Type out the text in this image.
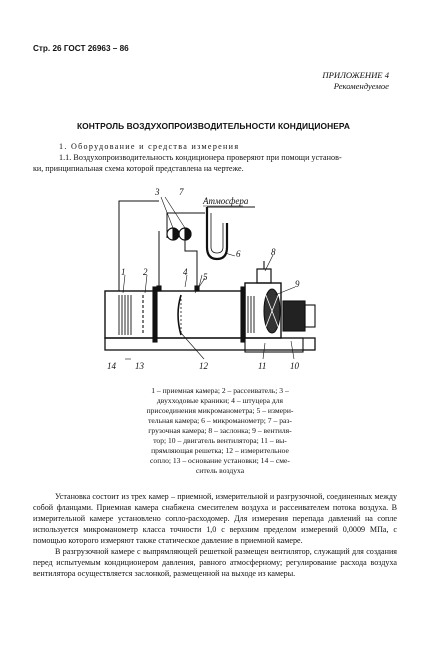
Стр. 26 ГОСТ 26963 – 86
ПРИЛОЖЕНИЕ 4
Рекомендуемое
КОНТРОЛЬ ВОЗДУХОПРОИЗВОДИТЕЛЬНОСТИ КОНДИЦИОНЕРА
1. Оборудование и средства измерения
1.1. Воздухопроизводительность кондиционера проверяют при помощи установ-
ки, принципиальная схема которой представлена на чертеже.
Атмосфера
3
1 2	4 5
6
7
8
9
10
11
12
13
14
1 – приемная камера; 2 – рассеиватель; 3 –
двухходовые краники; 4 – штуцера для
присоединения микроманометра; 5 – измери-
тельная камера; 6 – микроманометр; 7 – раз-
грузочная камера; 8 – заслонка; 9 – вентиля-
тор; 10 – двигатель вентилятора; 11 – вы-
прямляющая решетка; 12 – измерительное
сопло; 13 – основание установки; 14 – сме-
ситель воздуха

Установка состоит из трех камер – приемной, измерительной и разгрузочной, соединенных между собой фланцами. Приемная камера снабжена смесителем воздуха и рассеивателем потока воздуха. В измерительной камере установлено сопло-расходомер. Для измерения перепада давлений на сопле используется микроманометр класса точности 1,0 с верхним пределом измерений 0,0009 МПа, с помощью которого измеряют также статическое давление в приемной камере.

В разгрузочной камере с выпрямляющей решеткой размещен вентилятор, служащий для создания перед испытуемым кондиционером давления, равного атмосферному; регулирование расхода воздуха вентилятора осуществляется заслонкой, размещенной на выходе из камеры.
